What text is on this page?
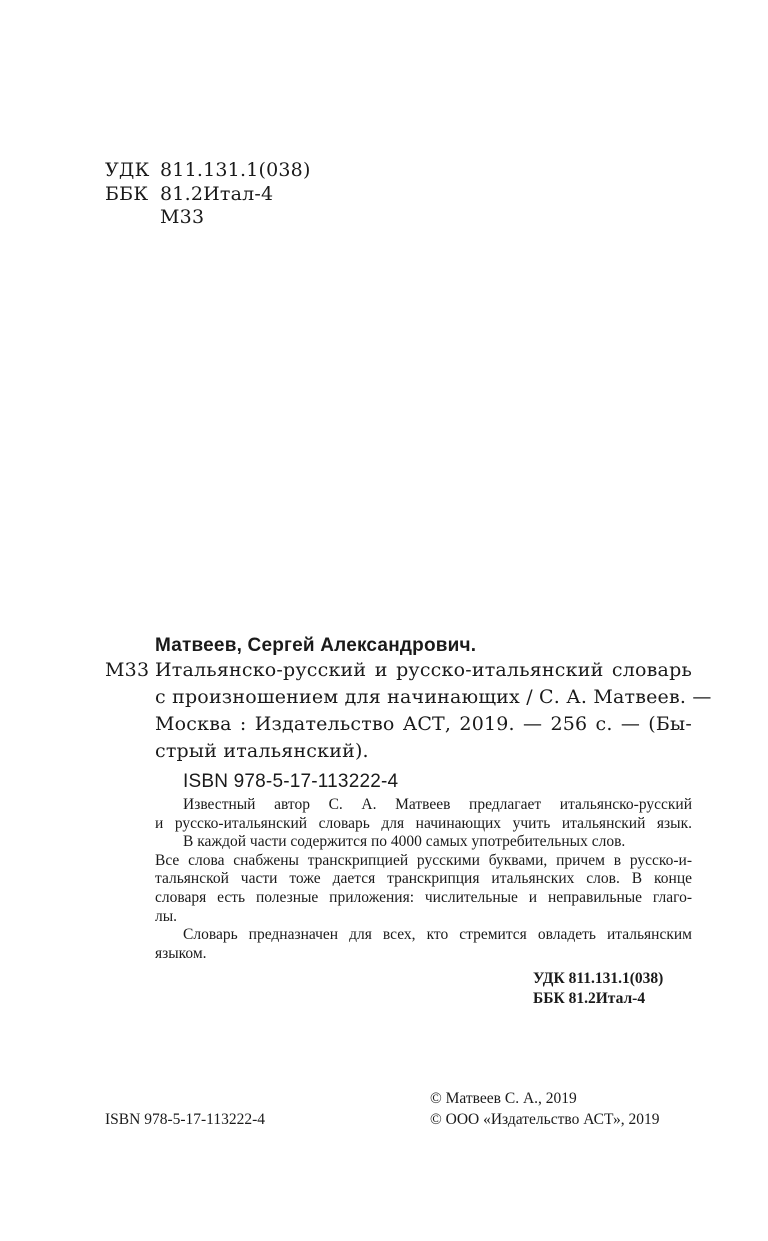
УДК 811.131.1(038)
ББК 81.2Итал-4
М33
Матвеев, Сергей Александрович.
М33 Итальянско-русский и русско-итальянский словарь
с произношением для начинающих / С. А. Матвеев. —
Москва : Издательство АСТ, 2019. — 256 с. — (Бы-
стрый итальянский).
ISBN 978-5-17-113222-4
Известный автор С. А. Матвеев предлагает итальянско-русский
и русско-итальянский словарь для начинающих учить итальянский язык.
В каждой части содержится по 4000 самых употребительных слов.
Все слова снабжены транскрипцией русскими буквами, причем в русско-и-
тальянской части тоже дается транскрипция итальянских слов. В конце
словаря есть полезные приложения: числительные и неправильные глаго-
лы.
Словарь предназначен для всех, кто стремится овладеть итальянским
языком.
УДК 811.131.1(038)
ББК 81.2Итал-4
© Матвеев С. А., 2019
ISBN 978-5-17-113222-4	© ООО «Издательство АСТ», 2019
